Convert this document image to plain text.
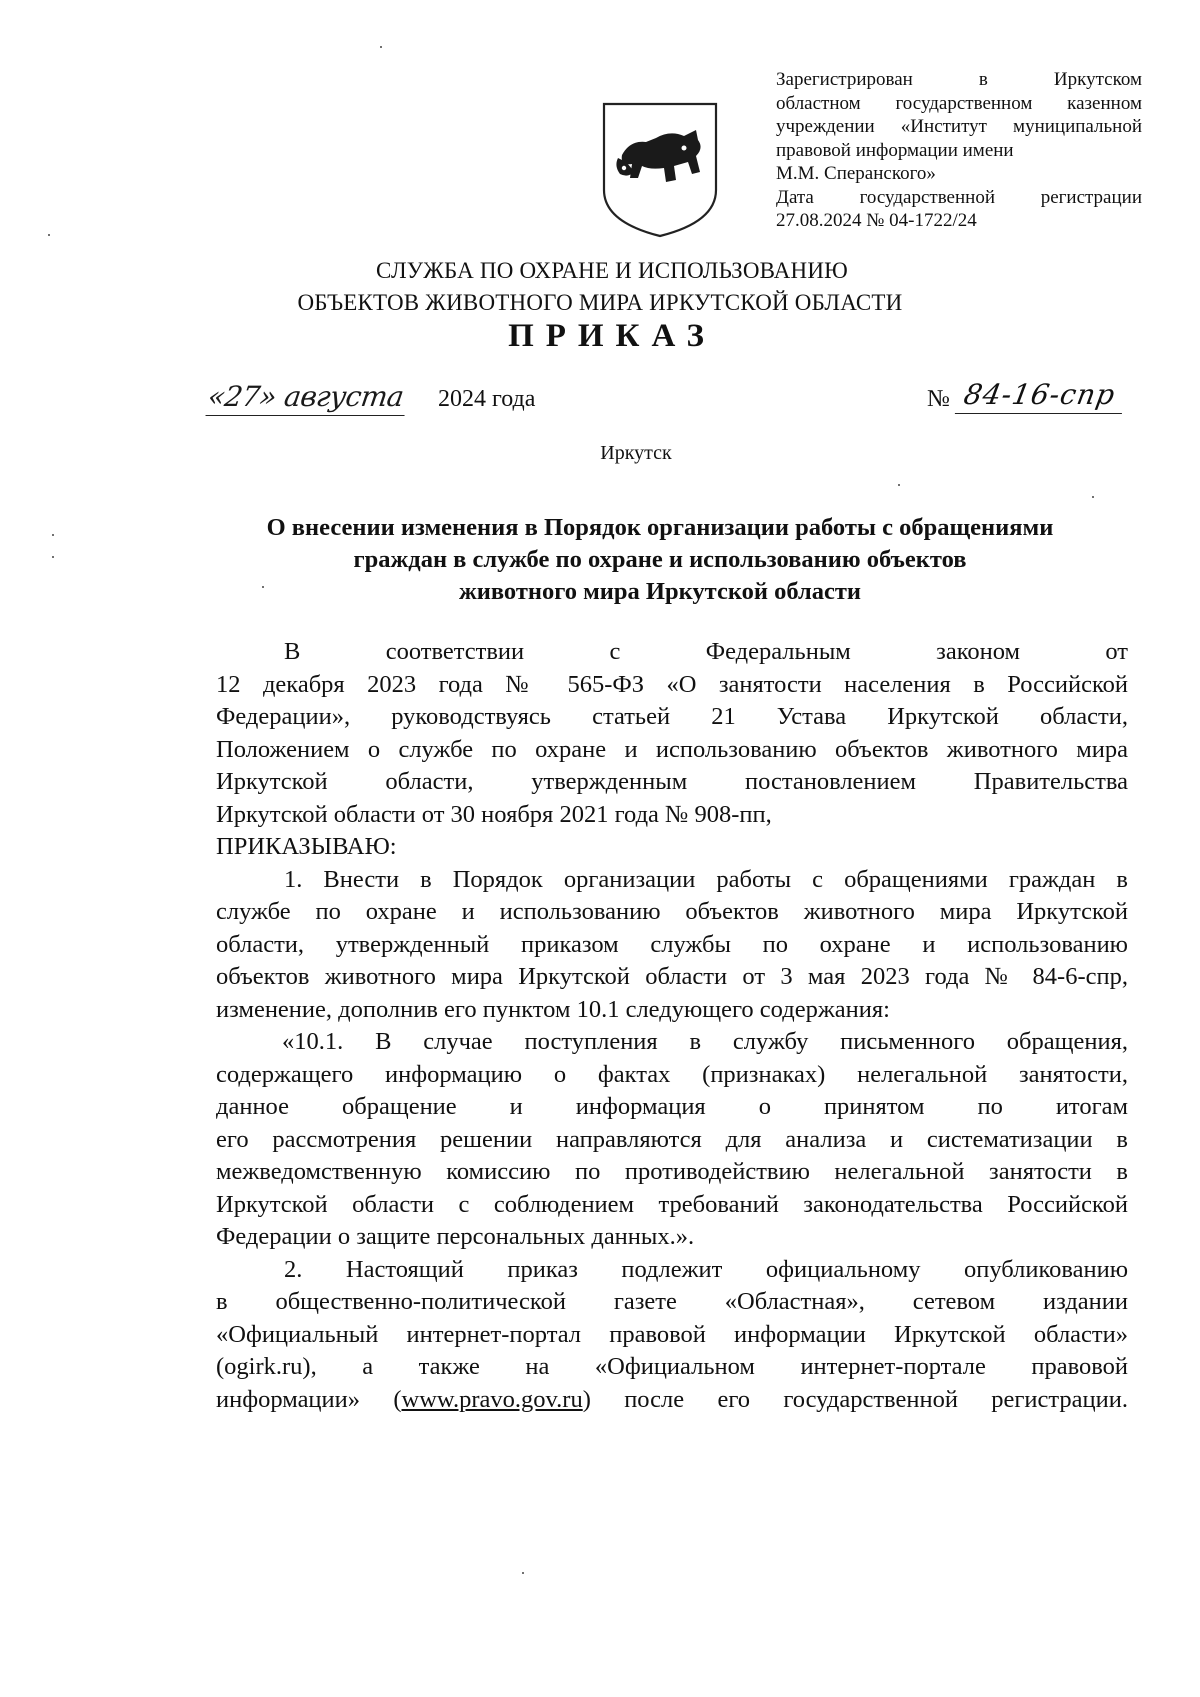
Зарегистрирован в Иркутском
областном государственном казенном
учреждении «Институт муниципальной
правовой информации имени
М.М. Сперанского»
Дата государственной регистрации
27.08.2024 № 04-1722/24
СЛУЖБА ПО ОХРАНЕ И ИСПОЛЬЗОВАНИЮ
ОБЪЕКТОВ ЖИВОТНОГО МИРА ИРКУТСКОЙ ОБЛАСТИ
ПРИКАЗ
«27» августа 2024 года	№ 84-16-спр
Иркутск
О внесении изменения в Порядок организации работы с обращениями
граждан в службе по охране и использованию объектов
животного мира Иркутской области
В соответствии с Федеральным законом от
12 декабря 2023 года № 565-ФЗ «О занятости населения в Российской
Федерации», руководствуясь статьей 21 Устава Иркутской области,
Положением о службе по охране и использованию объектов животного мира
Иркутской области, утвержденным постановлением Правительства
Иркутской области от 30 ноября 2021 года № 908-пп,
ПРИКАЗЫВАЮ:
1. Внести в Порядок организации работы с обращениями граждан в
службе по охране и использованию объектов животного мира Иркутской
области, утвержденный приказом службы по охране и использованию
объектов животного мира Иркутской области от 3 мая 2023 года № 84-6-спр,
изменение, дополнив его пунктом 10.1 следующего содержания:
«10.1. В случае поступления в службу письменного обращения,
содержащего информацию о фактах (признаках) нелегальной занятости,
данное обращение и информация о принятом по итогам
его рассмотрения решении направляются для анализа и систематизации в
межведомственную комиссию по противодействию нелегальной занятости в
Иркутской области с соблюдением требований законодательства Российской
Федерации о защите персональных данных.».
2. Настоящий приказ подлежит официальному опубликованию
в общественно-политической газете «Областная», сетевом издании
«Официальный интернет-портал правовой информации Иркутской области»
(ogirk.ru), а также на «Официальном интернет-портале правовой
информации» (www.pravo.gov.ru) после его государственной регистрации.
